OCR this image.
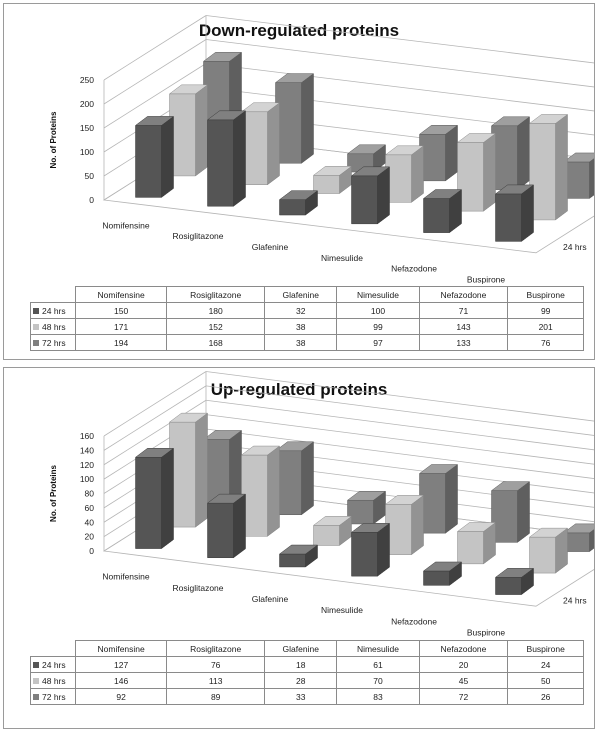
Down-regulated proteins
0
50
100
150
200
250
No. of Proteins
Nomifensine
Rosiglitazone
Glafenine
Nimesulide
Nefazodone
Buspirone
24 hrs
	Nomifensine	Rosiglitazone	Glafenine	Nimesulide	Nefazodone	Buspirone
24 hrs	150	180	32	100	71	99
48 hrs	171	152	38	99	143	201
72 hrs	194	168	38	97	133	76
Up-regulated proteins
0
20
40
60
80
100
120
140
160
No. of Proteins
Nomifensine
Rosiglitazone
Glafenine
Nimesulide
Nefazodone
Buspirone
24 hrs
	Nomifensine	Rosiglitazone	Glafenine	Nimesulide	Nefazodone	Buspirone
24 hrs	127	76	18	61	20	24
48 hrs	146	113	28	70	45	50
72 hrs	92	89	33	83	72	26
